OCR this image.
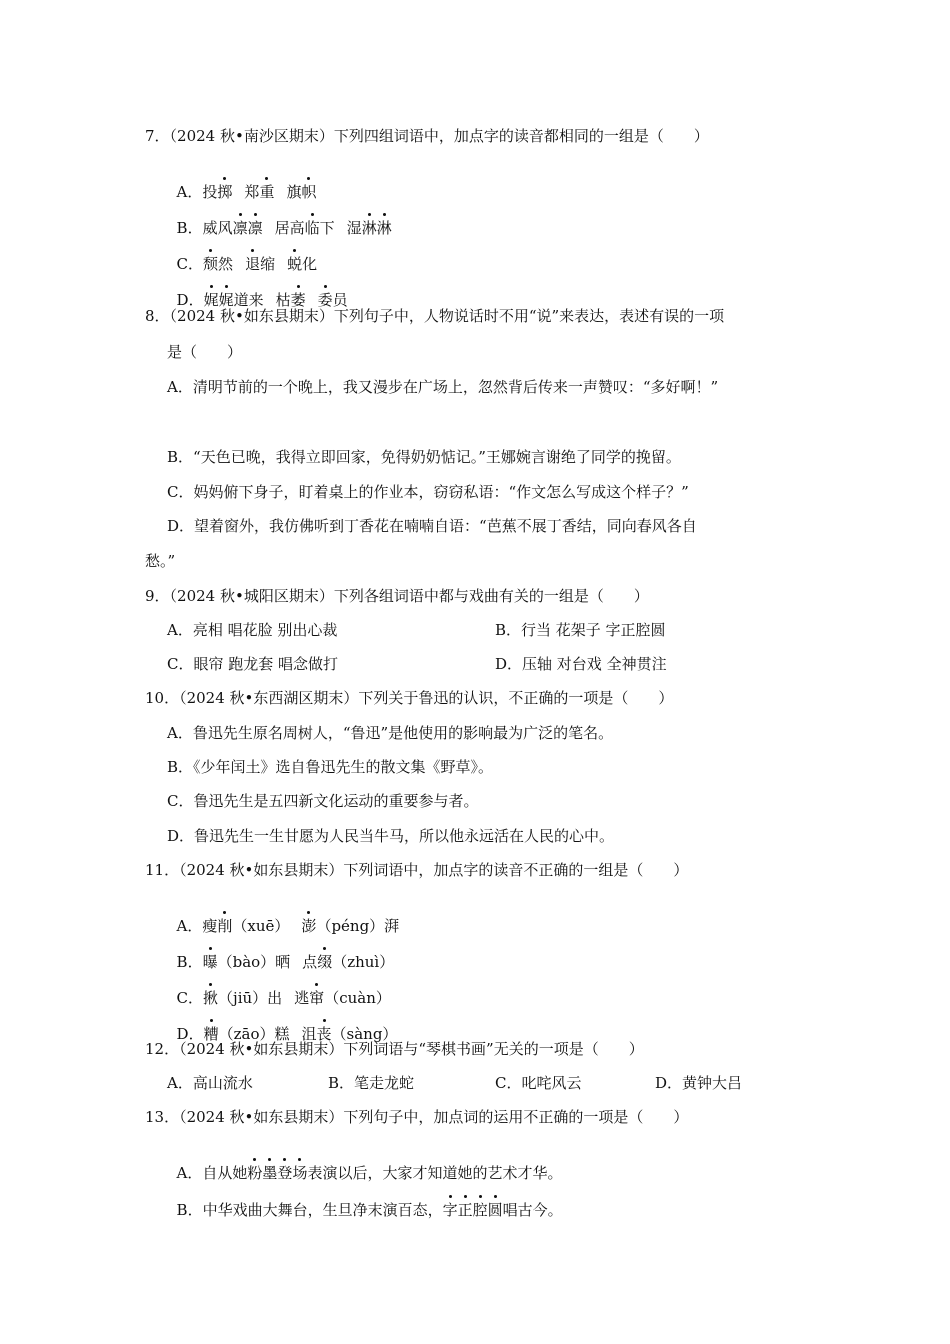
7．（2024 秋•南沙区期末）下列四组词语中，加点字的读音都相同的一组是（　　）

A．投掷 郑重 旗帜

B．威风凛凛 居高临下 湿淋淋

C．颓然 退缩 蜕化

D．娓娓道来 枯萎 委员

8．（2024 秋•如东县期末）下列句子中，人物说话时不用“说”来表达，表述有误的一项
是（　　）
A．清明节前的一个晚上，我又漫步在广场上，忽然背后传来一声赞叹：“多好啊！”
B．“天色已晚，我得立即回家，免得奶奶惦记。”王娜婉言谢绝了同学的挽留。
C．妈妈俯下身子，盯着桌上的作业本，窃窃私语：“作文怎么写成这个样子？”
D．望着窗外，我仿佛听到丁香花在喃喃自语：“芭蕉不展丁香结，同向春风各自
愁。”
9．（2024 秋•城阳区期末）下列各组词语中都与戏曲有关的一组是（　　）
A．亮相 唱花脸 别出心裁	B．行当 花架子 字正腔圆
C．眼帘 跑龙套 唱念做打	D．压轴 对台戏 全神贯注
10．（2024 秋•东西湖区期末）下列关于鲁迅的认识，不正确的一项是（　　）
A．鲁迅先生原名周树人，“鲁迅”是他使用的影响最为广泛的笔名。
B．《少年闰土》选自鲁迅先生的散文集《野草》。
C．鲁迅先生是五四新文化运动的重要参与者。
D．鲁迅先生一生甘愿为人民当牛马，所以他永远活在人民的心中。
11．（2024 秋•如东县期末）下列词语中，加点字的读音不正确的一组是（　　）

A．瘦削（xuē） 澎（péng）湃

B．曝（bào）晒 点缀（zhuì）

C．揪（jiū）出 逃窜（cuàn）

D．糟（zāo）糕 沮丧（sàng）

12．（2024 秋•如东县期末）下列词语与“琴棋书画”无关的一项是（　　）
A．高山流水	B．笔走龙蛇	C．叱咤风云	D．黄钟大吕
13．（2024 秋•如东县期末）下列句子中，加点词的运用不正确的一项是（　　）

A．自从她粉墨登场表演以后，大家才知道她的艺术才华。

B．中华戏曲大舞台，生旦净末演百态，字正腔圆唱古今。
